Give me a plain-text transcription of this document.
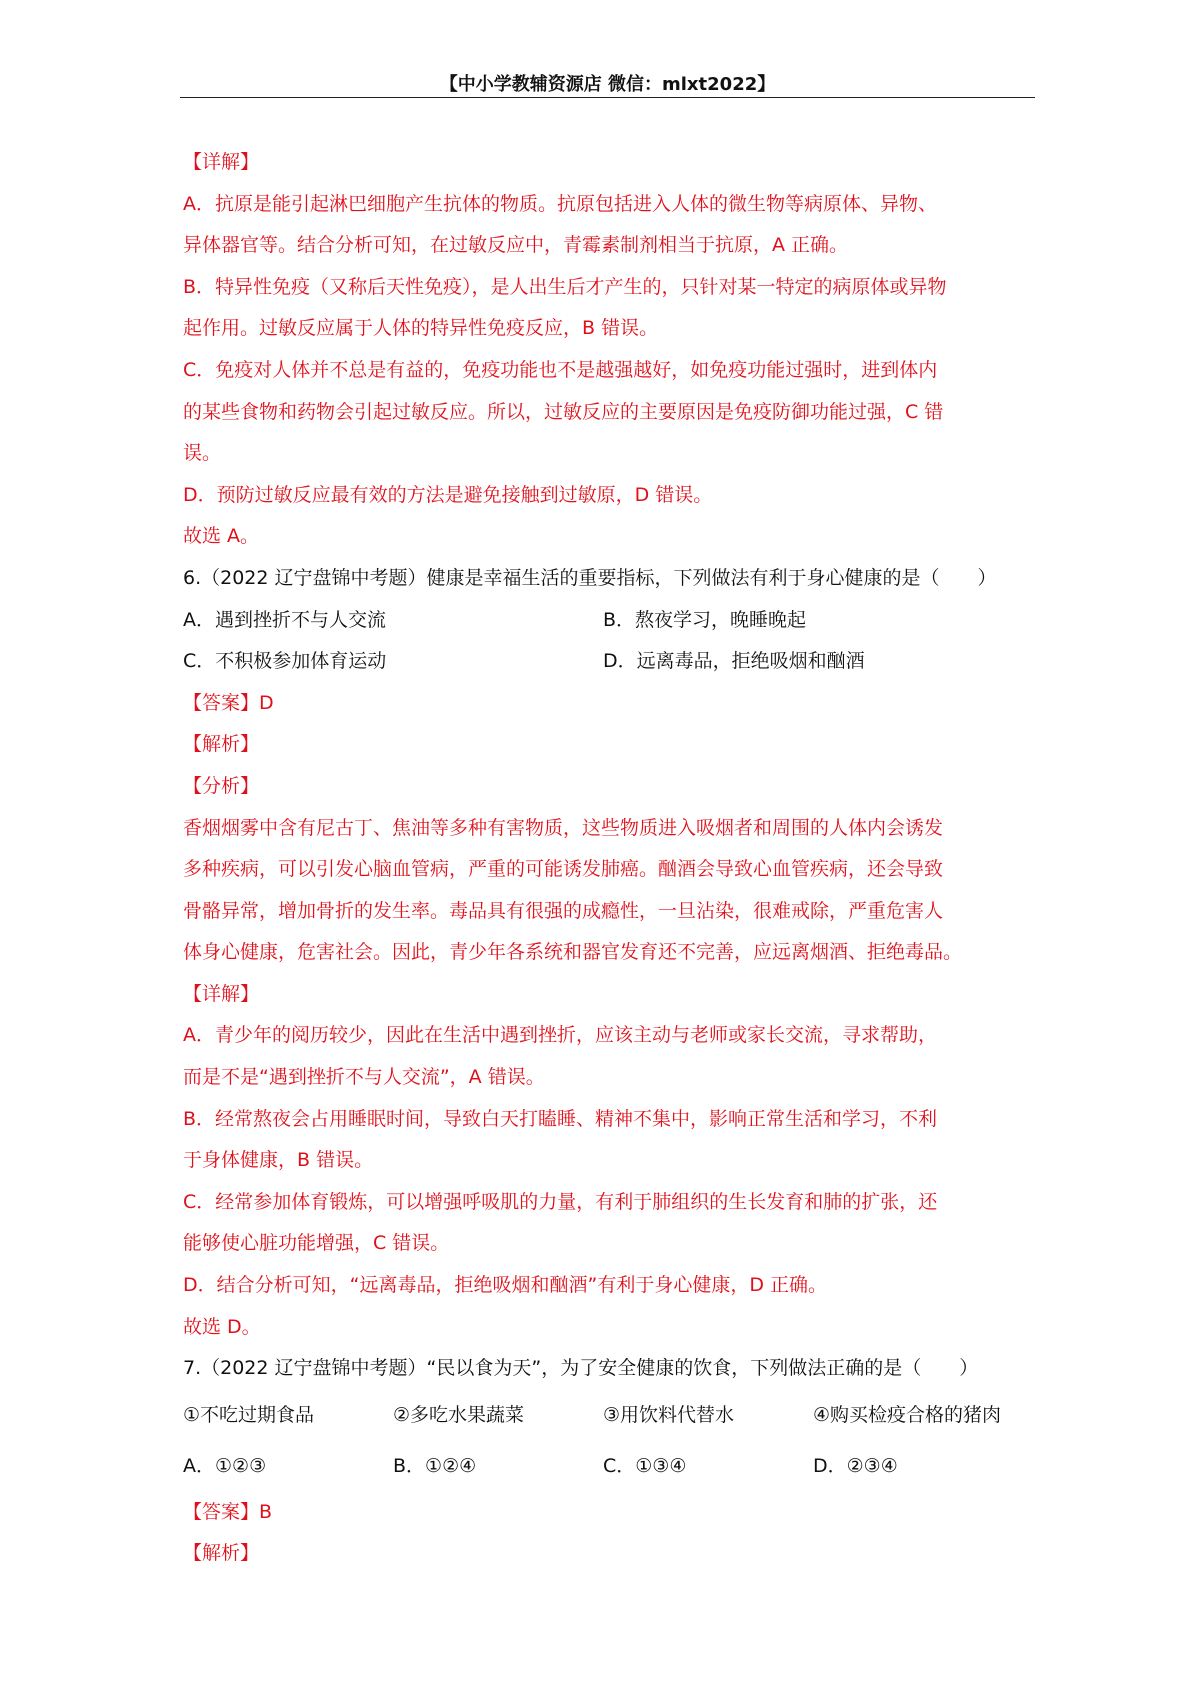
【中小学教辅资源店 微信：mlxt2022】
【详解】
A．抗原是能引起淋巴细胞产生抗体的物质。抗原包括进入人体的微生物等病原体、异物、
异体器官等。结合分析可知，在过敏反应中，青霉素制剂相当于抗原，A 正确。
B．特异性免疫（又称后天性免疫），是人出生后才产生的，只针对某一特定的病原体或异物
起作用。过敏反应属于人体的特异性免疫反应，B 错误。
C．免疫对人体并不总是有益的，免疫功能也不是越强越好，如免疫功能过强时，进到体内
的某些食物和药物会引起过敏反应。所以，过敏反应的主要原因是免疫防御功能过强，C 错
误。
D．预防过敏反应最有效的方法是避免接触到过敏原，D 错误。
故选 A。
6.（2022 辽宁盘锦中考题）健康是幸福生活的重要指标，下列做法有利于身心健康的是（　　）
A．遇到挫折不与人交流	B．熬夜学习，晚睡晚起
C．不积极参加体育运动	D．远离毒品，拒绝吸烟和酗酒
【答案】D
【解析】
【分析】
香烟烟雾中含有尼古丁、焦油等多种有害物质，这些物质进入吸烟者和周围的人体内会诱发
多种疾病，可以引发心脑血管病，严重的可能诱发肺癌。酗酒会导致心血管疾病，还会导致
骨骼异常，增加骨折的发生率。毒品具有很强的成瘾性，一旦沾染，很难戒除，严重危害人
体身心健康，危害社会。因此，青少年各系统和器官发育还不完善，应远离烟酒、拒绝毒品。
【详解】
A．青少年的阅历较少，因此在生活中遇到挫折，应该主动与老师或家长交流，寻求帮助，
而是不是“遇到挫折不与人交流”，A 错误。
B．经常熬夜会占用睡眠时间，导致白天打瞌睡、精神不集中，影响正常生活和学习，不利
于身体健康，B 错误。
C．经常参加体育锻炼，可以增强呼吸肌的力量，有利于肺组织的生长发育和肺的扩张，还
能够使心脏功能增强，C 错误。
D．结合分析可知，“远离毒品，拒绝吸烟和酗酒”有利于身心健康，D 正确。
故选 D。
7.（2022 辽宁盘锦中考题）“民以食为天”，为了安全健康的饮食，下列做法正确的是（　　）
①不吃过期食品	②多吃水果蔬菜	③用饮料代替水	④购买检疫合格的猪肉
A．①②③	B．①②④	C．①③④	D．②③④
【答案】B
【解析】
